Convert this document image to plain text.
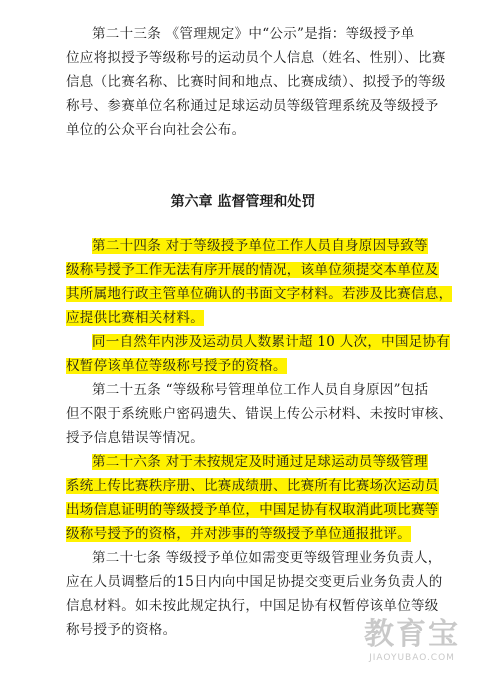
第二十三条 《管理规定》中“公示”是指：等级授予单
位应将拟授予等级称号的运动员个人信息（姓名、性别）、比赛
信息（比赛名称、比赛时间和地点、比赛成绩）、拟授予的等级
称号、参赛单位名称通过足球运动员等级管理系统及等级授予
单位的公众平台向社会公布。
第六章 监督管理和处罚
第二十四条 对于等级授予单位工作人员自身原因导致等
级称号授予工作无法有序开展的情况，该单位须提交本单位及
其所属地行政主管单位确认的书面文字材料。若涉及比赛信息，
应提供比赛相关材料。
同一自然年内涉及运动员人数累计超 10 人次，中国足协有
权暂停该单位等级称号授予的资格。
第二十五条 “等级称号管理单位工作人员自身原因”包括
但不限于系统账户密码遗失、错误上传公示材料、未按时审核、
授予信息错误等情况。
第二十六条 对于未按规定及时通过足球运动员等级管理
系统上传比赛秩序册、比赛成绩册、比赛所有比赛场次运动员
出场信息证明的等级授予单位，中国足协有权取消此项比赛等
级称号授予的资格，并对涉事的等级授予单位通报批评。
第二十七条 等级授予单位如需变更等级管理业务负责人，
应在人员调整后的15日内向中国足协提交变更后业务负责人的
信息材料。如未按此规定执行，中国足协有权暂停该单位等级
称号授予的资格。	教育宝
JIAOYUBAO.COM
